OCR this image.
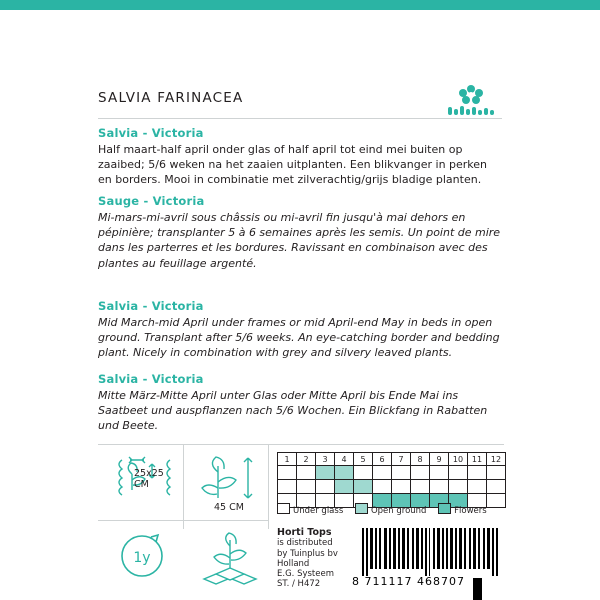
SALVIA FARINACEA
Salvia - Victoria

Half maart-half april onder glas of half april tot eind mei buiten op zaaibed; 5/6 weken na het zaaien uitplanten. Een blikvanger in perken en borders. Mooi in combinatie met zilverachtig/grijs bladige planten.

Sauge - Victoria

Mi-mars-mi-avril sous châssis ou mi-avril fin jusqu'à mai dehors en pépinière; transplanter 5 à 6 semaines après les semis. Un point de mire dans les parterres et les bordures. Ravissant en combinaison avec des plantes au feuillage argenté.

Salvia - Victoria

Mid March-mid April under frames or mid April-end May in beds in open ground. Transplant after 5/6 weeks. An eye-catching border and bedding plant. Nicely in combination with grey and silvery leaved plants.

Salvia - Victoria

Mitte März-Mitte April unter Glas oder Mitte April bis Ende Mai ins Saatbeet und auspflanzen nach 5/6 Wochen. Ein Blickfang in Rabatten und Beete.

25x25 CM
45 CM
1y
1	2	3	4	5	6	7	8	9	10	11	12

Under glass	Open ground	Flowers
Horti Tops
is distributed
by Tuinplus bv
Holland
E.G. Systeem
ST. / H472	8 711117 468707
